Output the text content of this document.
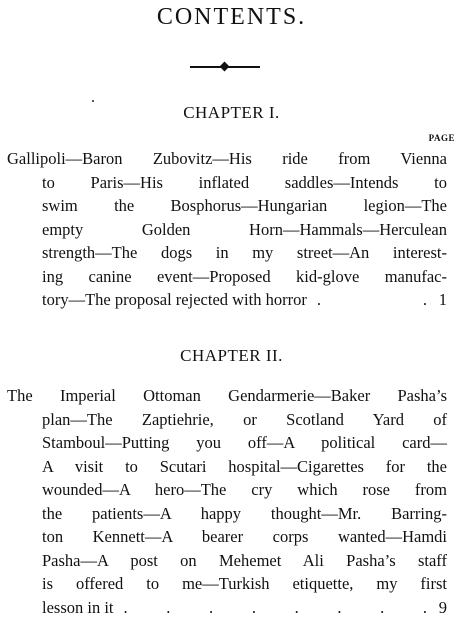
CONTENTS.
CHAPTER I.
PAGE
Gallipoli—Baron Zubovitz—His ride from Vienna
to Paris—His inflated saddles—Intends to
swim the Bosphorus—Hungarian legion—The
empty Golden Horn—Hammals—Herculean
strength—The dogs in my street—An interest-
ing canine event—Proposed kid-glove manufac-
tory—The proposal rejected with horror . . 1
CHAPTER II.
The Imperial Ottoman Gendarmerie—Baker Pasha’s
plan—The Zaptiehrie, or Scotland Yard of
Stamboul—Putting you off—A political card—
A visit to Scutari hospital—Cigarettes for the
wounded—A hero—The cry which rose from
the patients—A happy thought—Mr. Barring-
ton Kennett—A bearer corps wanted—Hamdi
Pasha—A post on Mehemet Ali Pasha’s staff
is offered to me—Turkish etiquette, my first
lesson in it . . . . . . . . 9
